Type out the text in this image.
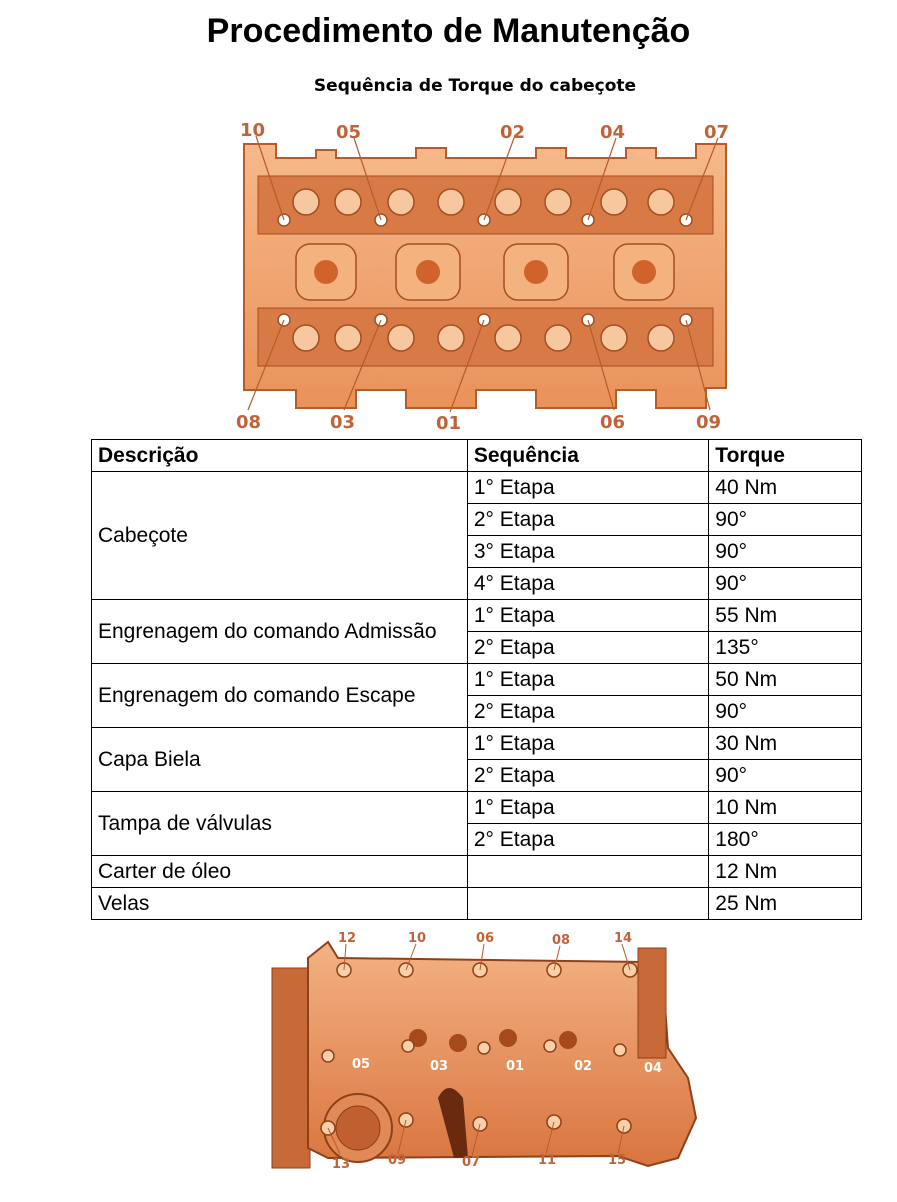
Procedimento de Manutenção
Sequência de Torque do cabeçote
10	05	02	04	07
08	03	01	06	09
Descrição	Sequência	Torque
Cabeçote	1° Etapa	40 Nm
	2° Etapa	90°
	3° Etapa	90°
	4° Etapa	90°
Engrenagem do comando Admissão	1° Etapa	55 Nm
	2° Etapa	135°
Engrenagem do comando Escape	1° Etapa	50 Nm
	2° Etapa	90°
Capa Biela	1° Etapa	30 Nm
	2° Etapa	90°
Tampa de válvulas	1° Etapa	10 Nm
	2° Etapa	180°
Carter de óleo		12 Nm
Velas		25 Nm
12	10	06	08	14
05	03	01	02	04
13	09	07	11	15
